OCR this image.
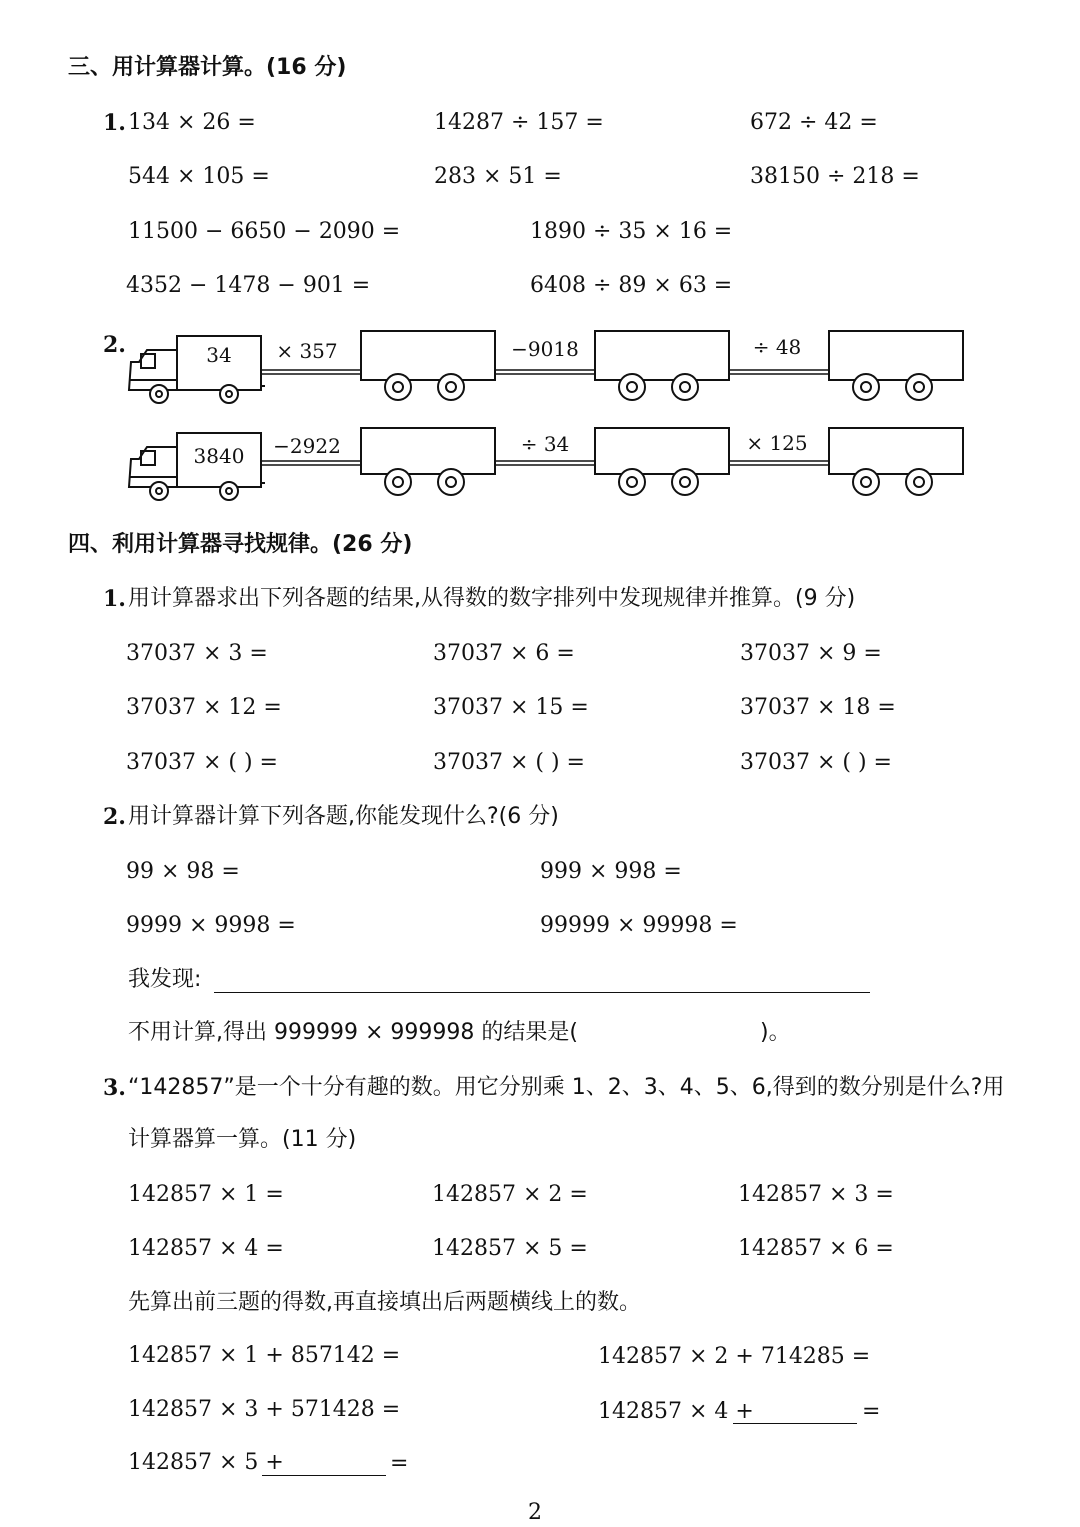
三、用计算器计算。(16 分)
1. 134 × 26 =	14287 ÷ 157 =	672 ÷ 42 =
544 × 105 =	283 × 51 =	38150 ÷ 218 =
11500 − 6650 − 2090 =	1890 ÷ 35 × 16 =
4352 − 1478 − 901 =	6408 ÷ 89 × 63 =
2.	34 × 357	−9018	÷ 48
3840 −2922	÷ 34	× 125
四、利用计算器寻找规律。(26 分)
1. 用计算器求出下列各题的结果,从得数的数字排列中发现规律并推算。(9 分)
37037 × 3 =	37037 × 6 =	37037 × 9 =
37037 × 12 =	37037 × 15 =	37037 × 18 =
37037 × ( ) =	37037 × ( ) =	37037 × ( ) =
2. 用计算器计算下列各题,你能发现什么?(6 分)
99 × 98 =	999 × 998 =
9999 × 9998 =	99999 × 99998 =
我发现:
不用计算,得出 999999 × 999998 的结果是(	)。
3. “142857”是一个十分有趣的数。用它分别乘 1、2、3、4、5、6,得到的数分别是什么?用
计算器算一算。(11 分)
142857 × 1 =	142857 × 2 =	142857 × 3 =
142857 × 4 =	142857 × 5 =	142857 × 6 =
先算出前三题的得数,再直接填出后两题横线上的数。
142857 × 1 + 857142 =	142857 × 2 + 714285 =
142857 × 3 + 571428 =	142857 × 4 +	=
142857 × 5 +	=
2
